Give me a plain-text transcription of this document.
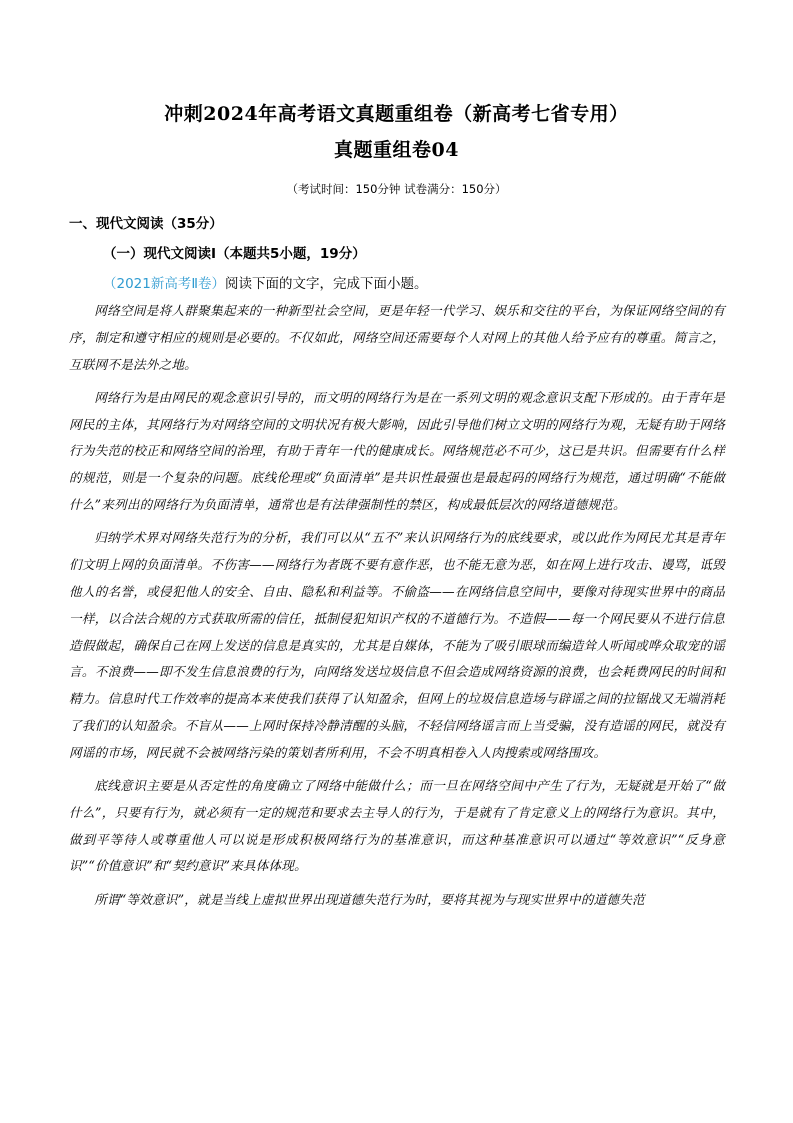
冲刺2024年高考语文真题重组卷（新高考七省专用）
真题重组卷04
（考试时间：150分钟 试卷满分：150分）
一、现代文阅读（35分）
（一）现代文阅读Ⅰ（本题共5小题，19分）
（2021新高考Ⅱ卷）阅读下面的文字，完成下面小题。

网络空间是将人群聚集起来的一种新型社会空间，更是年轻一代学习、娱乐和交往的平台，为保证网络空间的有序，制定和遵守相应的规则是必要的。不仅如此，网络空间还需要每个人对网上的其他人给予应有的尊重。简言之，互联网不是法外之地。

网络行为是由网民的观念意识引导的，而文明的网络行为是在一系列文明的观念意识支配下形成的。由于青年是网民的主体，其网络行为对网络空间的文明状况有极大影响，因此引导他们树立文明的网络行为观，无疑有助于网络行为失范的校正和网络空间的治理，有助于青年一代的健康成长。网络规范必不可少，这已是共识。但需要有什么样的规范，则是一个复杂的问题。底线伦理或“负面清单”是共识性最强也是最起码的网络行为规范，通过明确“不能做什么”来列出的网络行为负面清单，通常也是有法律强制性的禁区，构成最低层次的网络道德规范。

归纳学术界对网络失范行为的分析，我们可以从“五不”来认识网络行为的底线要求，或以此作为网民尤其是青年们文明上网的负面清单。不伤害——网络行为者既不要有意作恶，也不能无意为恶，如在网上进行攻击、谩骂，诋毁他人的名誉，或侵犯他人的安全、自由、隐私和利益等。不偷盗——在网络信息空间中，要像对待现实世界中的商品一样，以合法合规的方式获取所需的信任，抵制侵犯知识产权的不道德行为。不造假——每一个网民要从不进行信息造假做起，确保自己在网上发送的信息是真实的，尤其是自媒体，不能为了吸引眼球而编造耸人听闻或哗众取宠的谣言。不浪费——即不发生信息浪费的行为，向网络发送垃圾信息不但会造成网络资源的浪费，也会耗费网民的时间和精力。信息时代工作效率的提高本来使我们获得了认知盈余，但网上的垃圾信息造场与辟谣之间的拉锯战又无端消耗了我们的认知盈余。不盲从——上网时保持冷静清醒的头脑，不轻信网络谣言而上当受骗，没有造谣的网民，就没有网谣的市场，网民就不会被网络污染的策划者所利用，不会不明真相卷入人肉搜索或网络围攻。

底线意识主要是从否定性的角度确立了网络中能做什么；而一旦在网络空间中产生了行为，无疑就是开始了“做什么”，只要有行为，就必须有一定的规范和要求去主导人的行为，于是就有了肯定意义上的网络行为意识。其中，做到平等待人或尊重他人可以说是形成积极网络行为的基准意识，而这种基准意识可以通过“等效意识”“反身意识”“价值意识”和“契约意识”来具体体现。

所谓“等效意识”，就是当线上虚拟世界出现道德失范行为时，要将其视为与现实世界中的道德失范
